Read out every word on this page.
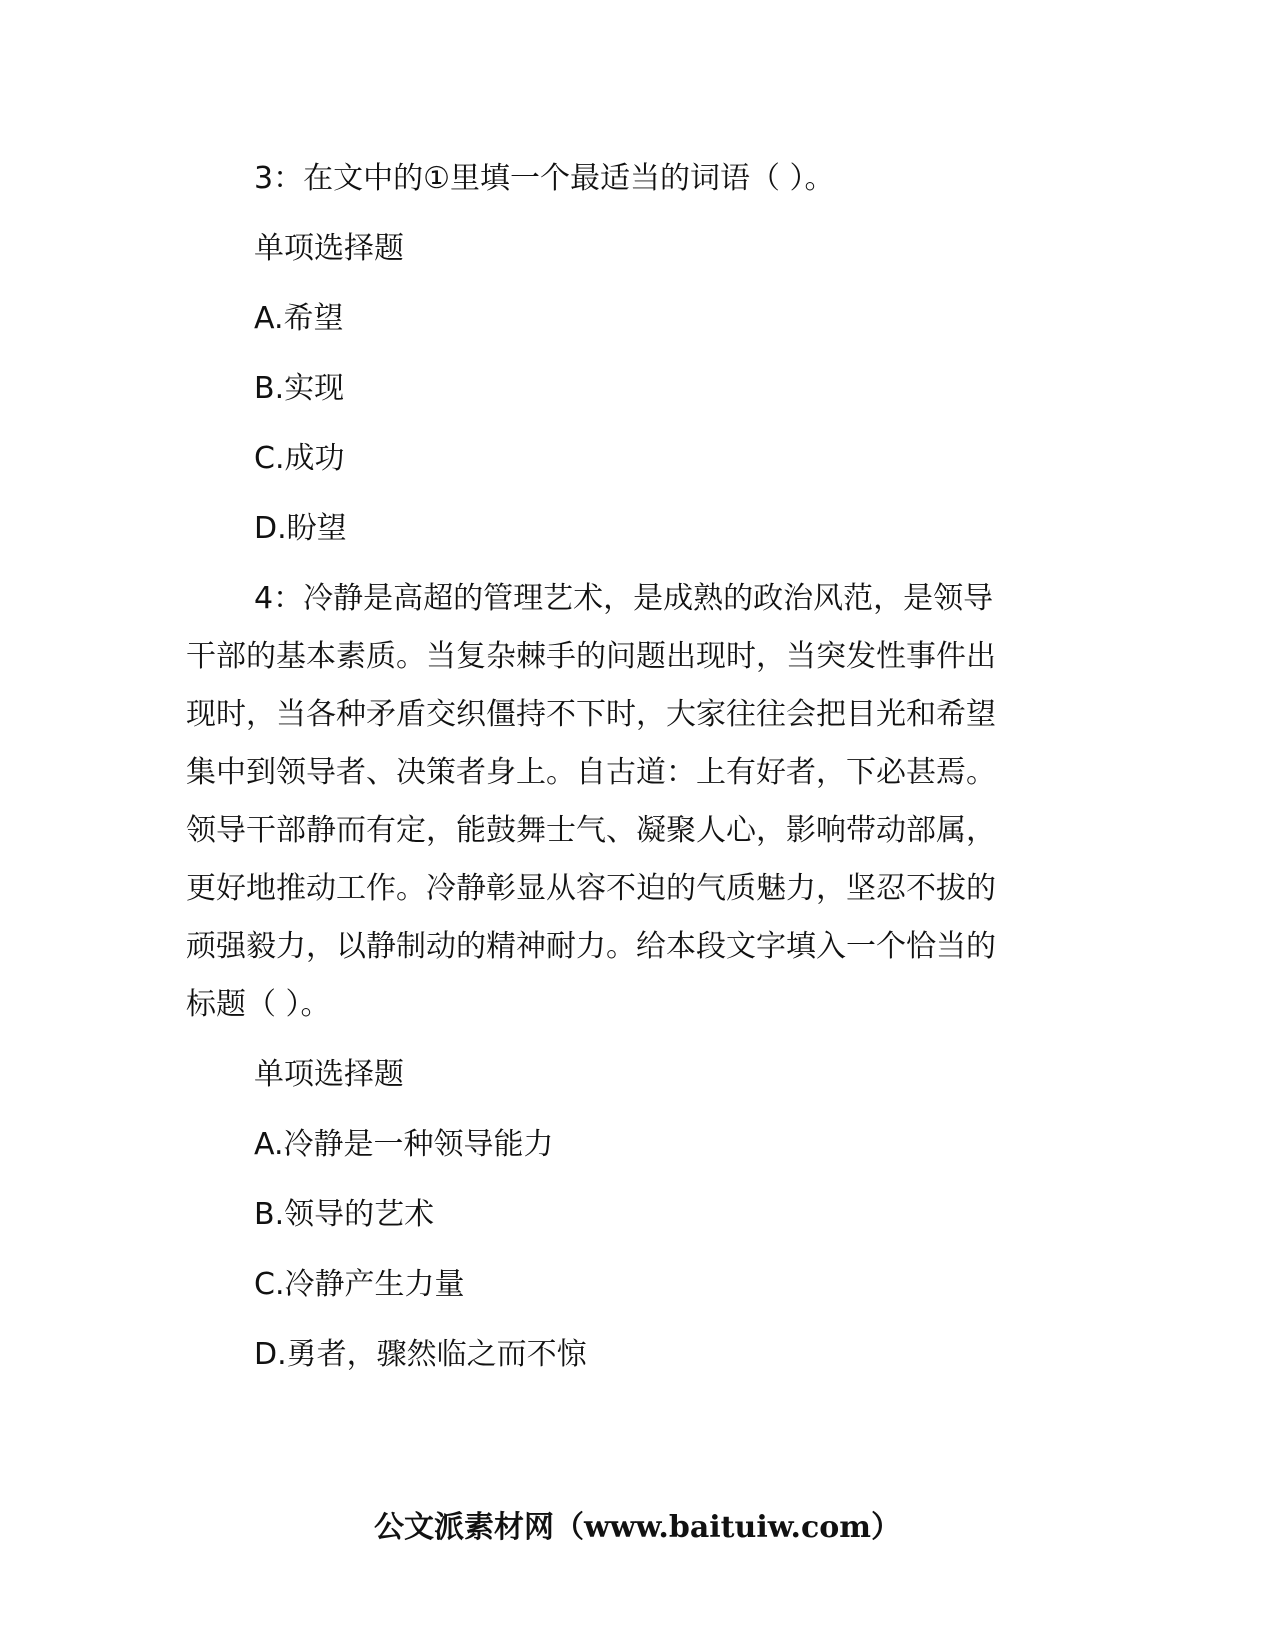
3：在文中的①里填一个最适当的词语（ ）。

单项选择题

A.希望

B.实现

C.成功

D.盼望

4：冷静是高超的管理艺术，是成熟的政治风范，是领导

干部的基本素质。当复杂棘手的问题出现时，当突发性事件出

现时，当各种矛盾交织僵持不下时，大家往往会把目光和希望

集中到领导者、决策者身上。自古道：上有好者，下必甚焉。

领导干部静而有定，能鼓舞士气、凝聚人心，影响带动部属，

更好地推动工作。冷静彰显从容不迫的气质魅力，坚忍不拔的

顽强毅力，以静制动的精神耐力。给本段文字填入一个恰当的

标题（ ）。

单项选择题

A.冷静是一种领导能力

B.领导的艺术

C.冷静产生力量

D.勇者，骤然临之而不惊

公文派素材网（www.baituiw.com）
